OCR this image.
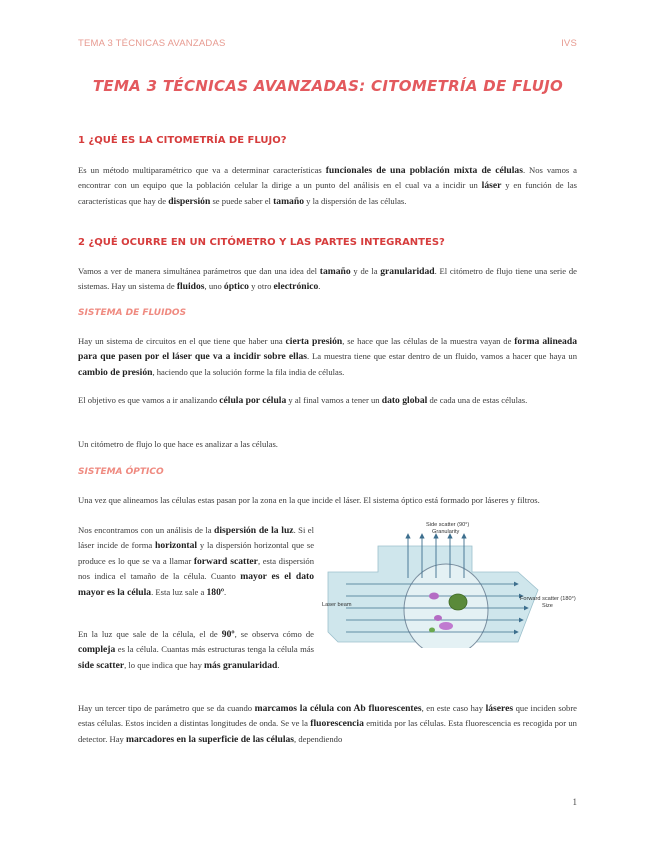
TEMA 3 TÉCNICAS AVANZADAS	IVS
TEMA 3 TÉCNICAS AVANZADAS: CITOMETRÍA DE FLUJO
1 ¿QUÉ ES LA CITOMETRÍA DE FLUJO?

Es un método multiparamétrico que va a determinar características funcionales de una población mixta de células. Nos vamos a encontrar con un equipo que la población celular la dirige a un punto del análisis en el cual va a incidir un láser y en función de las características que hay de dispersión se puede saber el tamaño y la dispersión de las células.

2 ¿QUÉ OCURRE EN UN CITÓMETRO Y LAS PARTES INTEGRANTES?

Vamos a ver de manera simultánea parámetros que dan una idea del tamaño y de la granularidad. El citómetro de flujo tiene una serie de sistemas. Hay un sistema de fluidos, uno óptico y otro electrónico.

SISTEMA DE FLUIDOS

Hay un sistema de circuitos en el que tiene que haber una cierta presión, se hace que las células de la muestra vayan de forma alineada para que pasen por el láser que va a incidir sobre ellas. La muestra tiene que estar dentro de un fluido, vamos a hacer que haya un cambio de presión, haciendo que la solución forme la fila india de células.

El objetivo es que vamos a ir analizando célula por célula y al final vamos a tener un dato global de cada una de estas células.

Un citómetro de flujo lo que hace es analizar a las células.

SISTEMA ÓPTICO

Una vez que alineamos las células estas pasan por la zona en la que incide el láser. El sistema óptico está formado por láseres y filtros.

Nos encontramos con un análisis de la dispersión de la luz. Si el láser incide de forma horizontal y la dispersión horizontal que se produce es lo que se va a llamar forward scatter, esta dispersión nos indica el tamaño de la célula. Cuanto mayor es el dato mayor es la célula. Esta luz sale a 180º.

En la luz que sale de la célula, el de 90º, se observa cómo de compleja es la célula. Cuantas más estructuras tenga la célula más side scatter, lo que indica que hay más granularidad.

Hay un tercer tipo de parámetro que se da cuando marcamos la célula con Ab fluorescentes, en este caso hay láseres que inciden sobre estas células. Estos inciden a distintas longitudes de onda. Se ve la fluorescencia emitida por las células. Esta fluorescencia es recogida por un detector. Hay marcadores en la superficie de las células, dependiendo

Side scatter (90°)
Granularity
Forward scatter (180°)
Size
Laser beam
1
